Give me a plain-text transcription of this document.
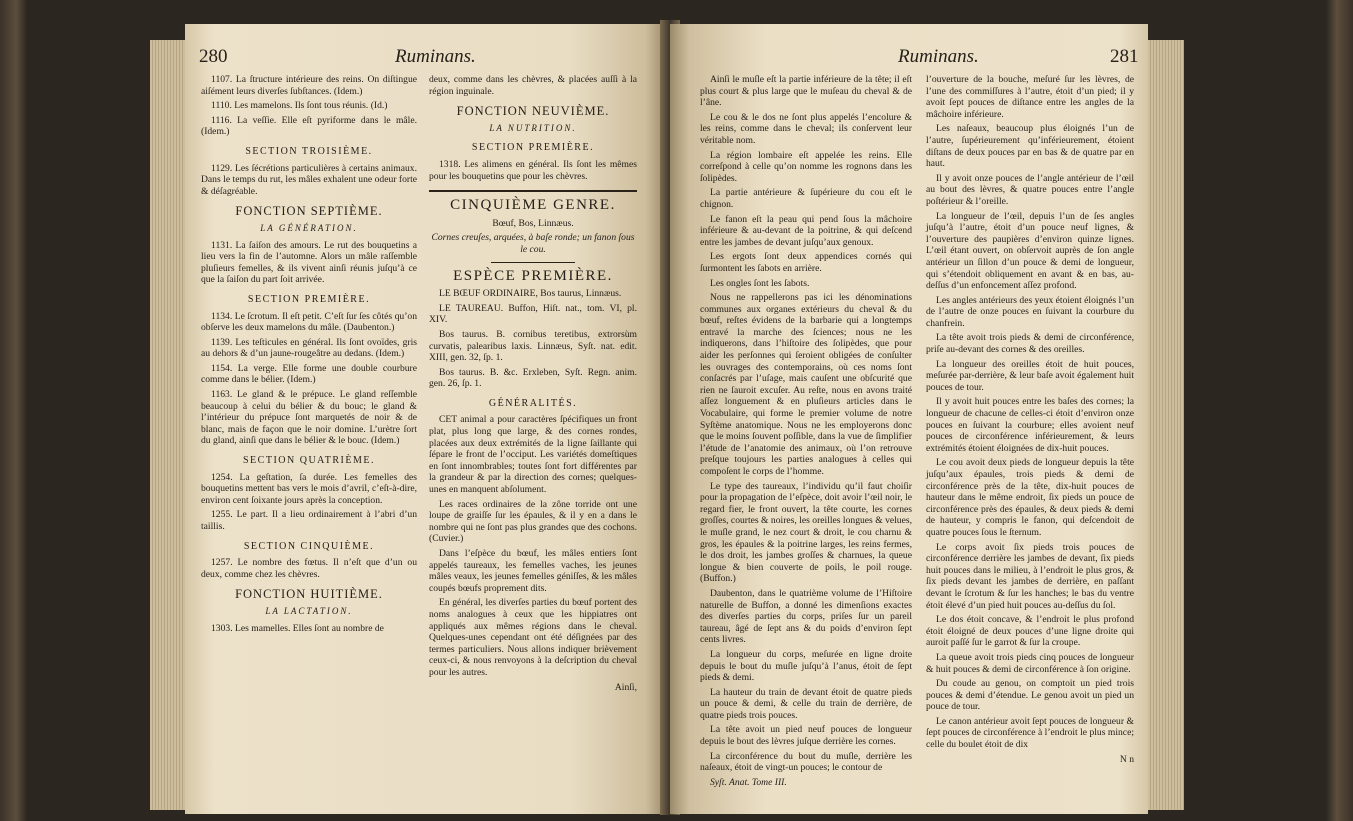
280	Ruminans.

1107. La ſtructure intérieure des reins. On diſtingue aiſément leurs diverſes ſubſtances. (Idem.)

1110. Les mamelons. Ils ſont tous réunis. (Id.)

1116. La veſſie. Elle eſt pyriforme dans le mâle. (Idem.)

SECTION TROISIÈME.

1129. Les ſécrétions particulières à certains animaux. Dans le temps du rut, les mâles exhalent une odeur forte & déſagréable.

FONCTION SEPTIÈME.

LA GÉNÉRATION.

1131. La ſaiſon des amours. Le rut des bouquetins a lieu vers la fin de l’automne. Alors un mâle raſſemble pluſieurs femelles, & ils vivent ainſi réunis juſqu’à ce que la ſaiſon du part ſoit arrivée.

SECTION PREMIÈRE.

1134. Le ſcrotum. Il eſt petit. C’eſt ſur ſes côtés qu’on obſerve les deux mamelons du mâle. (Daubenton.)

1139. Les teſticules en général. Ils ſont ovoïdes, gris au dehors & d’un jaune-rougeâtre au dedans. (Idem.)

1154. La verge. Elle forme une double courbure comme dans le bélier. (Idem.)

1163. Le gland & le prépuce. Le gland reſſemble beaucoup à celui du bélier & du bouc; le gland & l’intérieur du prépuce ſont marquetés de noir & de blanc, mais de façon que le noir domine. L’urètre ſort du gland, ainſi que dans le bélier & le bouc. (Idem.)

SECTION QUATRIÈME.

1254. La geſtation, ſa durée. Les femelles des bouquetins mettent bas vers le mois d’avril, c’eſt-à-dire, environ cent ſoixante jours après la conception.

1255. Le part. Il a lieu ordinairement à l’abri d’un taillis.

SECTION CINQUIÈME.

1257. Le nombre des fœtus. Il n’eſt que d’un ou deux, comme chez les chèvres.

FONCTION HUITIÈME.

LA LACTATION.

1303. Les mamelles. Elles ſont au nombre de

deux, comme dans les chèvres, & placées auſſi à la région inguinale.

FONCTION NEUVIÈME.

LA NUTRITION.

SECTION PREMIÈRE.

1318. Les alimens en général. Ils ſont les mêmes pour les bouquetins que pour les chèvres.

CINQUIÈME GENRE.

Bœuf, Bos, Linnæus.

Cornes creuſes, arquées, à baſe ronde; un fanon ſous le cou.

ESPÈCE PREMIÈRE.

LE BŒUF ORDINAIRE, Bos taurus, Linnæus.

LE TAUREAU. Buffon, Hiſt. nat., tom. VI, pl. XIV.

Bos taurus. B. cornibus teretibus, extrorsùm curvatis, palearibus laxis. Linnæus, Syſt. nat. edit. XIII, gen. 32, ſp. 1.

Bos taurus. B. &c. Erxleben, Syſt. Regn. anim. gen. 26, ſp. 1.

GÉNÉRALITÉS.

CET animal a pour caractères ſpécifiques un front plat, plus long que large, & des cornes rondes, placées aux deux extrémités de la ligne ſaillante qui ſépare le front de l’occiput. Les variétés domeſtiques en ſont innombrables; toutes ſont fort différentes par la grandeur & par la direction des cornes; quelques-unes en manquent abſolument.

Les races ordinaires de la zône torride ont une loupe de graiſſe ſur les épaules, & il y en a dans le nombre qui ne ſont pas plus grandes que des cochons. (Cuvier.)

Dans l’eſpèce du bœuf, les mâles entiers ſont appelés taureaux, les femelles vaches, les jeunes mâles veaux, les jeunes femelles géniſſes, & les mâles coupés bœufs proprement dits.

En général, les diverſes parties du bœuf portent des noms analogues à ceux que les hippiatres ont appliqués aux mêmes régions dans le cheval. Quelques-unes cependant ont été déſignées par des termes particuliers. Nous allons indiquer brièvement ceux-ci, & nous renvoyons à la deſcription du cheval pour les autres.

Ainſi,

Ruminans.	281

Ainſi le muſle eſt la partie inférieure de la tête; il eſt plus court & plus large que le muſeau du cheval & de l’âne.

Le cou & le dos ne ſont plus appelés l’encolure & les reins, comme dans le cheval; ils conſervent leur véritable nom.

La région lombaire eſt appelée les reins. Elle correſpond à celle qu’on nomme les rognons dans les ſolipèdes.

La partie antérieure & ſupérieure du cou eſt le chignon.

Le fanon eſt la peau qui pend ſous la mâchoire inférieure & au-devant de la poitrine, & qui deſcend entre les jambes de devant juſqu’aux genoux.

Les ergots ſont deux appendices cornés qui ſurmontent les ſabots en arrière.

Les ongles ſont les ſabots.

Nous ne rappellerons pas ici les dénominations communes aux organes extérieurs du cheval & du bœuf, reſtes évidens de la barbarie qui a longtemps entravé la marche des ſciences; nous ne les indiquerons, dans l’hiſtoire des ſolipèdes, que pour aider les perſonnes qui ſeroient obligées de conſulter les ouvrages des contemporains, où ces noms ſont conſacrés par l’uſage, mais cauſent une obſcurité que rien ne ſauroit excuſer. Au reſte, nous en avons traité aſſez longuement & en pluſieurs articles dans le Vocabulaire, qui forme le premier volume de notre Syſtème anatomique. Nous ne les employerons donc que le moins ſouvent poſſible, dans la vue de ſimplifier l’étude de l’anatomie des animaux, où l’on retrouve preſque toujours les parties analogues à celles qui compoſent le corps de l’homme.

Le type des taureaux, l’individu qu’il faut choiſir pour la propagation de l’eſpèce, doit avoir l’œil noir, le regard fier, le front ouvert, la tête courte, les cornes groſſes, courtes & noires, les oreilles longues & velues, le muſle grand, le nez court & droit, le cou charnu & gros, les épaules & la poitrine larges, les reins fermes, le dos droit, les jambes groſſes & charnues, la queue longue & bien couverte de poils, le poil rouge. (Buffon.)

Daubenton, dans le quatrième volume de l’Hiſtoire naturelle de Buffon, a donné les dimenſions exactes des diverſes parties du corps, priſes ſur un pareil taureau, âgé de ſept ans & du poids d’environ ſept cents livres.

La longueur du corps, meſurée en ligne droite depuis le bout du muſle juſqu’à l’anus, étoit de ſept pieds & demi.

La hauteur du train de devant étoit de quatre pieds un pouce & demi, & celle du train de derrière, de quatre pieds trois pouces.

La tête avoit un pied neuf pouces de longueur depuis le bout des lèvres juſque derrière les cornes.

La circonférence du bout du muſle, derrière les naſeaux, étoit de vingt-un pouces; le contour de

Syſt. Anat. Tome III.

l’ouverture de la bouche, meſuré ſur les lèvres, de l’une des commiſſures à l’autre, étoit d’un pied; il y avoit ſept pouces de diſtance entre les angles de la mâchoire inférieure.

Les naſeaux, beaucoup plus éloignés l’un de l’autre, ſupérieurement qu’inférieurement, étoient diſtans de deux pouces par en bas & de quatre par en haut.

Il y avoit onze pouces de l’angle antérieur de l’œil au bout des lèvres, & quatre pouces entre l’angle poſtérieur & l’oreille.

La longueur de l’œil, depuis l’un de ſes angles juſqu’à l’autre, étoit d’un pouce neuf lignes, & l’ouverture des paupières d’environ quinze lignes. L’œil étant ouvert, on obſervoit auprès de ſon angle antérieur un ſillon d’un pouce & demi de longueur, qui s’étendoit obliquement en avant & en bas, au-deſſus d’un enfoncement aſſez profond.

Les angles antérieurs des yeux étoient éloignés l’un de l’autre de onze pouces en ſuivant la courbure du chanfrein.

La tête avoit trois pieds & demi de circonférence, priſe au-devant des cornes & des oreilles.

La longueur des oreilles étoit de huit pouces, meſurée par-derrière, & leur baſe avoit également huit pouces de tour.

Il y avoit huit pouces entre les baſes des cornes; la longueur de chacune de celles-ci étoit d’environ onze pouces en ſuivant la courbure; elles avoient neuf pouces de circonférence inférieurement, & leurs extrémités étoient éloignées de dix-huit pouces.

Le cou avoit deux pieds de longueur depuis la tête juſqu’aux épaules, trois pieds & demi de circonférence près de la tête, dix-huit pouces de hauteur dans le même endroit, ſix pieds un pouce de circonférence près des épaules, & deux pieds & demi de hauteur, y compris le fanon, qui deſcendoit de quatre pouces ſous le ſternum.

Le corps avoit ſix pieds trois pouces de circonférence derrière les jambes de devant, ſix pieds huit pouces dans le milieu, à l’endroit le plus gros, & ſix pieds devant les jambes de derrière, en paſſant devant le ſcrotum & ſur les hanches; le bas du ventre étoit élevé d’un pied huit pouces au-deſſus du ſol.

Le dos étoit concave, & l’endroit le plus profond étoit éloigné de deux pouces d’une ligne droite qui auroit paſſé ſur le garrot & ſur la croupe.

La queue avoit trois pieds cinq pouces de longueur & huit pouces & demi de circonférence à ſon origine.

Du coude au genou, on comptoit un pied trois pouces & demi d’étendue. Le genou avoit un pied un pouce de tour.

Le canon antérieur avoit ſept pouces de longueur & ſept pouces de circonférence à l’endroit le plus mince; celle du boulet étoit de dix

N n
